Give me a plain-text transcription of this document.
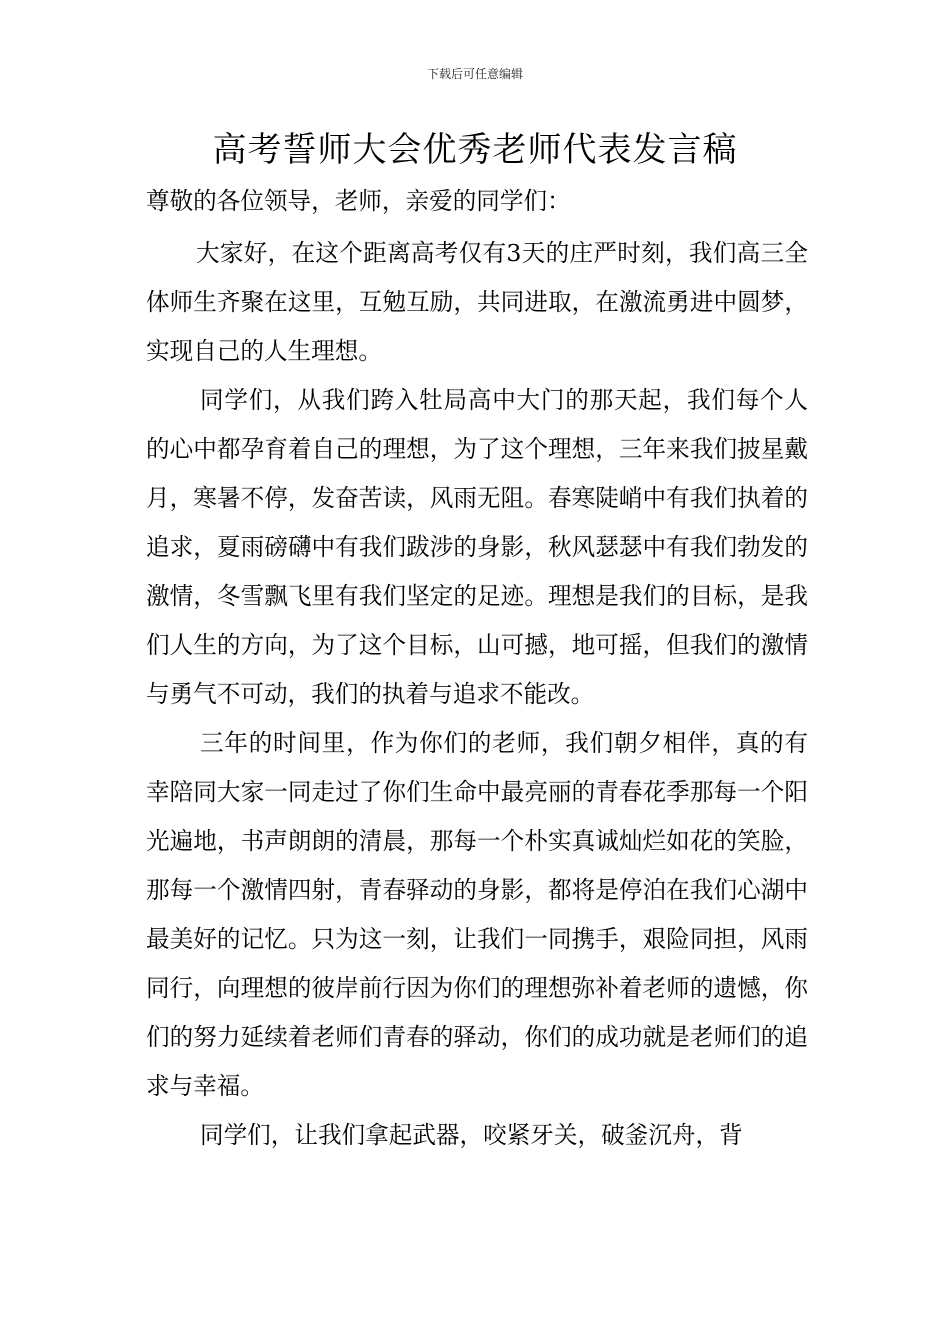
下载后可任意编辑
高考誓师大会优秀老师代表发言稿

尊敬的各位领导，老师，亲爱的同学们：

大家好，在这个距离高考仅有3天的庄严时刻，我们高三全体师生齐聚在这里，互勉互励，共同进取，在激流勇进中圆梦，实现自己的人生理想。

同学们，从我们跨入牡局高中大门的那天起，我们每个人的心中都孕育着自己的理想，为了这个理想，三年来我们披星戴月，寒暑不停，发奋苦读，风雨无阻。春寒陡峭中有我们执着的追求，夏雨磅礴中有我们跋涉的身影，秋风瑟瑟中有我们勃发的激情，冬雪飘飞里有我们坚定的足迹。理想是我们的目标，是我们人生的方向，为了这个目标，山可撼，地可摇，但我们的激情与勇气不可动，我们的执着与追求不能改。

三年的时间里，作为你们的老师，我们朝夕相伴，真的有幸陪同大家一同走过了你们生命中最亮丽的青春花季那每一个阳光遍地，书声朗朗的清晨，那每一个朴实真诚灿烂如花的笑脸，那每一个激情四射，青春驿动的身影，都将是停泊在我们心湖中最美好的记忆。只为这一刻，让我们一同携手，艰险同担，风雨同行，向理想的彼岸前行因为你们的理想弥补着老师的遗憾，你们的努力延续着老师们青春的驿动，你们的成功就是老师们的追求与幸福。

同学们，让我们拿起武器，咬紧牙关，破釜沉舟，背
